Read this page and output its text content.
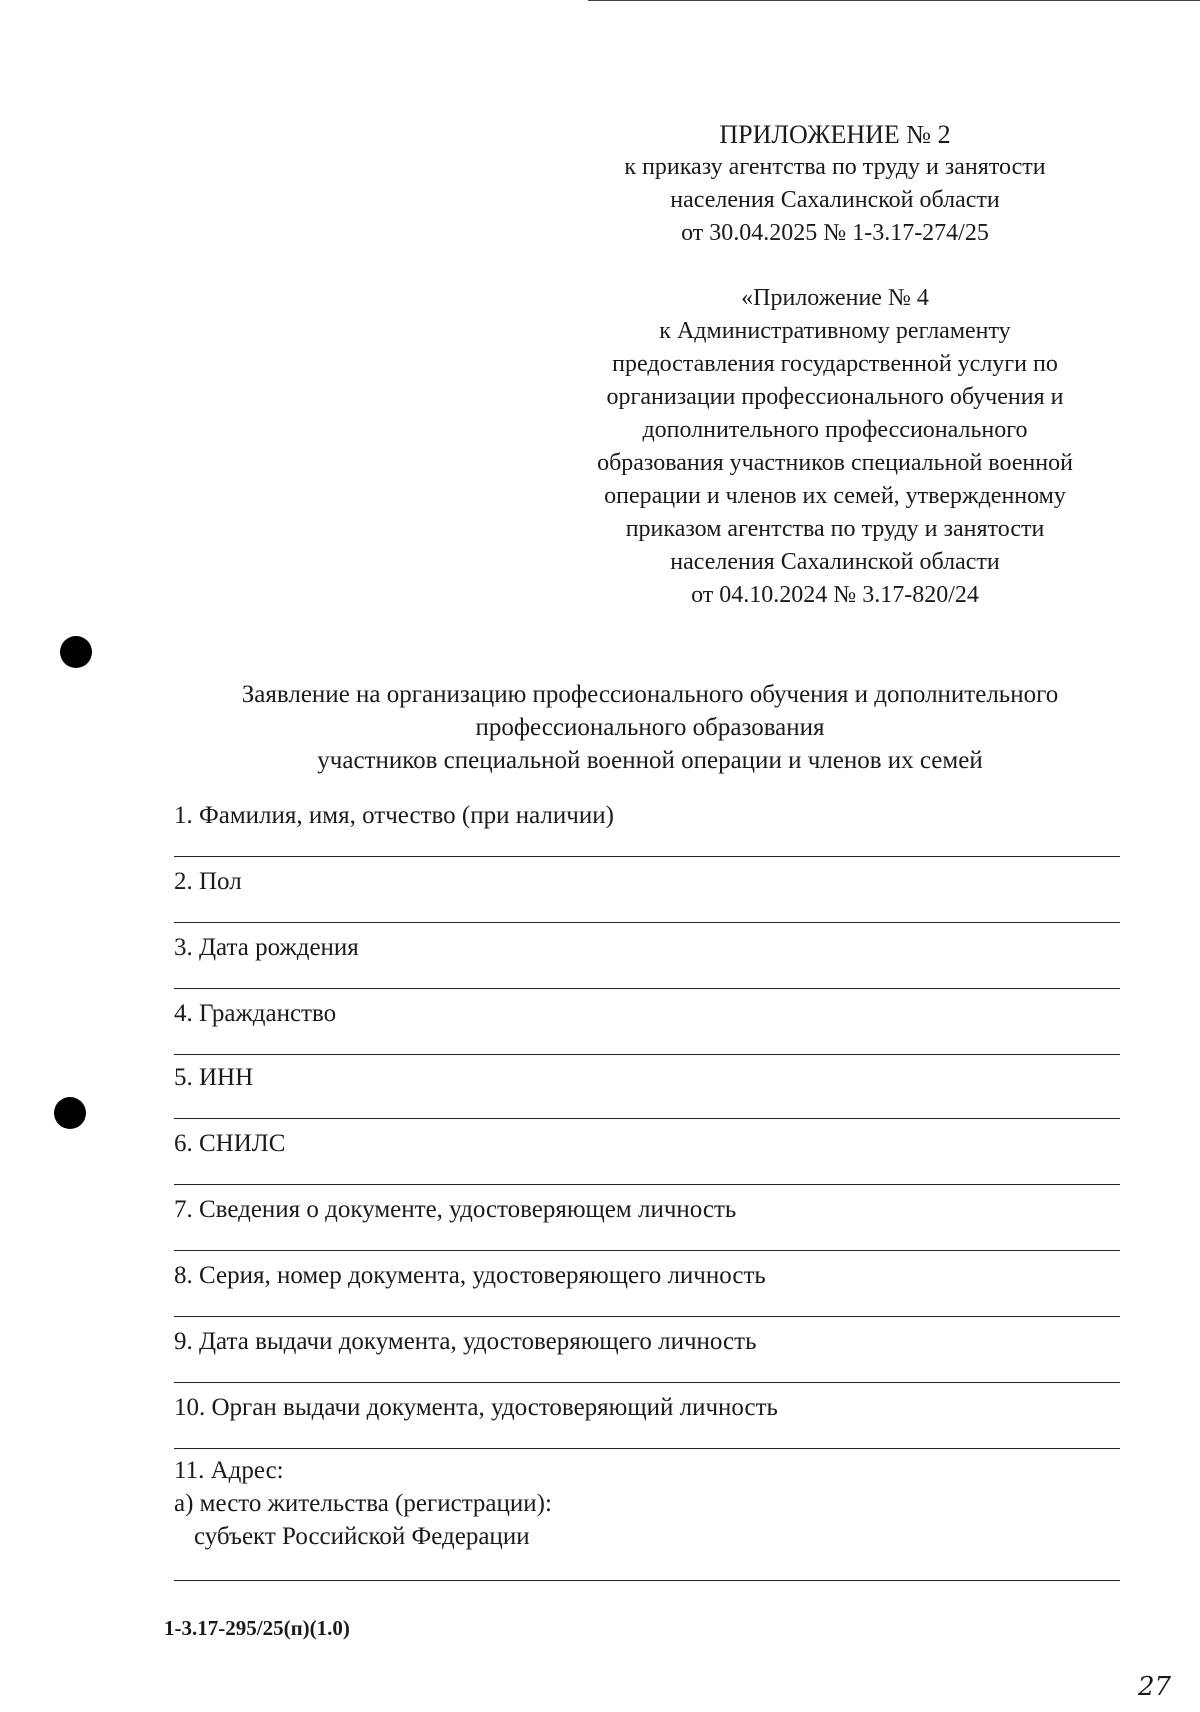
ПРИЛОЖЕНИЕ № 2
к приказу агентства по труду и занятости
населения Сахалинской области
от 30.04.2025 № 1-3.17-274/25
«Приложение № 4
к Административному регламенту
предоставления государственной услуги по
организации профессионального обучения и
дополнительного профессионального
образования участников специальной военной
операции и членов их семей, утвержденному
приказом агентства по труду и занятости
населения Сахалинской области
от 04.10.2024 № 3.17-820/24
Заявление на организацию профессионального обучения и дополнительного
профессионального образования
участников специальной военной операции и членов их семей
1. Фамилия, имя, отчество (при наличии)
2. Пол
3. Дата рождения
4. Гражданство
5. ИНН
6. СНИЛС
7. Сведения о документе, удостоверяющем личность
8. Серия, номер документа, удостоверяющего личность
9. Дата выдачи документа, удостоверяющего личность
10. Орган выдачи документа, удостоверяющий личность
11. Адрес:
а) место жительства (регистрации):
субъект Российской Федерации
1-3.17-295/25(п)(1.0)
27
